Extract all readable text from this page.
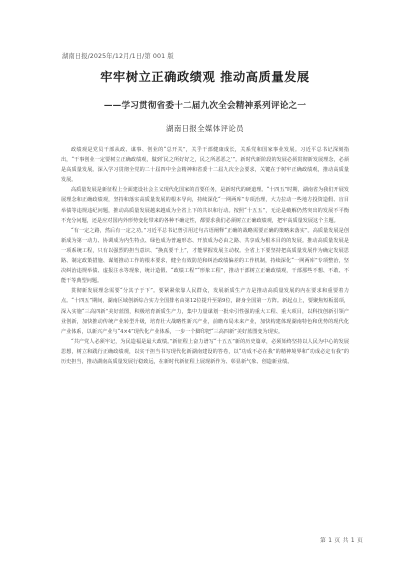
湖南日报/2025年/12月/1日/第 001 版
牢牢树立正确政绩观 推动高质量发展
——学习贯彻省委十二届九次全会精神系列评论之一
湖南日报全媒体评论员

政绩观是党员干部从政、谋事、创业的“总开关”，关乎干部健康成长，关系党和国家事业发展。习近平总书记深刻指出，“干事创业一定要树立正确政绩观，做到‘民之所好好之，民之所恶恶之’”。新时代新阶段的发展必须贯彻新发展理念，必须是高质量发展。深入学习贯彻全党的二十届四中全会精神和省委十二届九次全会要求，关键在于树牢正确政绩观，推动高质量发展。

高质量发展是新征程上全面建设社会主义现代化国家的首要任务，是新时代的硬道理。“十四五”时期，湖南省为我们开展发展理念和正确政绩观，坚持和落实高质量发展的根本导向，持续深化“一网两库”专项治理，大力拉动一些地方投资造假、盲目举债等违规违纪问题，推动高质量发展越来越成为全省上下的共识和行动。按照“十五五”，无论是破解仍然突出的发展不平衡不充分问题，还是应对国内外形势变化带来的各种不确定性，都要求我们必须树立正确政绩观，把牢高质量发展这个主题。

“有一定之路，然后有一定之功。”习近平总书记曾引用过句古语阐释“正确的战略需要正确的策略来落实”。高质量发展是创新成为第一动力、协调成为内生特点、绿色成为普遍形态、开放成为必由之路、共享成为根本目的的发展。推动高质量发展是一项系统工程，只有以强烈的担当意识、“换真要干上”，才能掌握发展主动权。全省上下要坚持把高质量发展作为确定发展思路、制定政策措施、谋划推动工作的根本要求，健全有效防范和纠治政绩偏差的工作机制，持续深化“一网两库”专项整治，坚决纠治违规举债、虚报注水等现象，统计造假、“政绩工程”“形象工程”，推动干部树立正确政绩观，干部那些不想、不敢、不能干等典型问题。

贯彻新发展理念需要“分其子于下”。要紧紧依靠人民群众，发展新质生产力是推动高质量发展的内在要求和重要着力点。“十四五”期间，湖南区域创新综合实力全国排名由第12位提升至第9位，跻身全国第一方阵。新起点上，要聚焦短板弱项，深入实施“三高四新”美好蓝图，积极培育新质生产力，集中力量谋划一批牵引性强的重大工程、重大项目，以科技创新引领产业创新，加快推动传统产业转型升级，培育壮大战略性新兴产业，前瞻布局未来产业，加快构建体现湖南特色和优势的现代化产业体系，以新兴产业与“4×4”现代化产业体系，一步一个脚印把“三高四新”美好蓝图变为现实。

“共产党人必须牢记，为民造福是最大政绩。”新征程上奋力谱写“十五五”新的历史篇章，必须始终坚持以人民为中心的发展思想，树立和践行正确政绩观，以实干担当书写现代化新湖南建设的答卷，以“功成不必在我”的精神境界和“功成必定有我”的历史担当，推动湖南高质量发展行稳致远，在新时代新征程上展现新作为、彰显新气象、创造新业绩。

第 1 页 共 1 页
